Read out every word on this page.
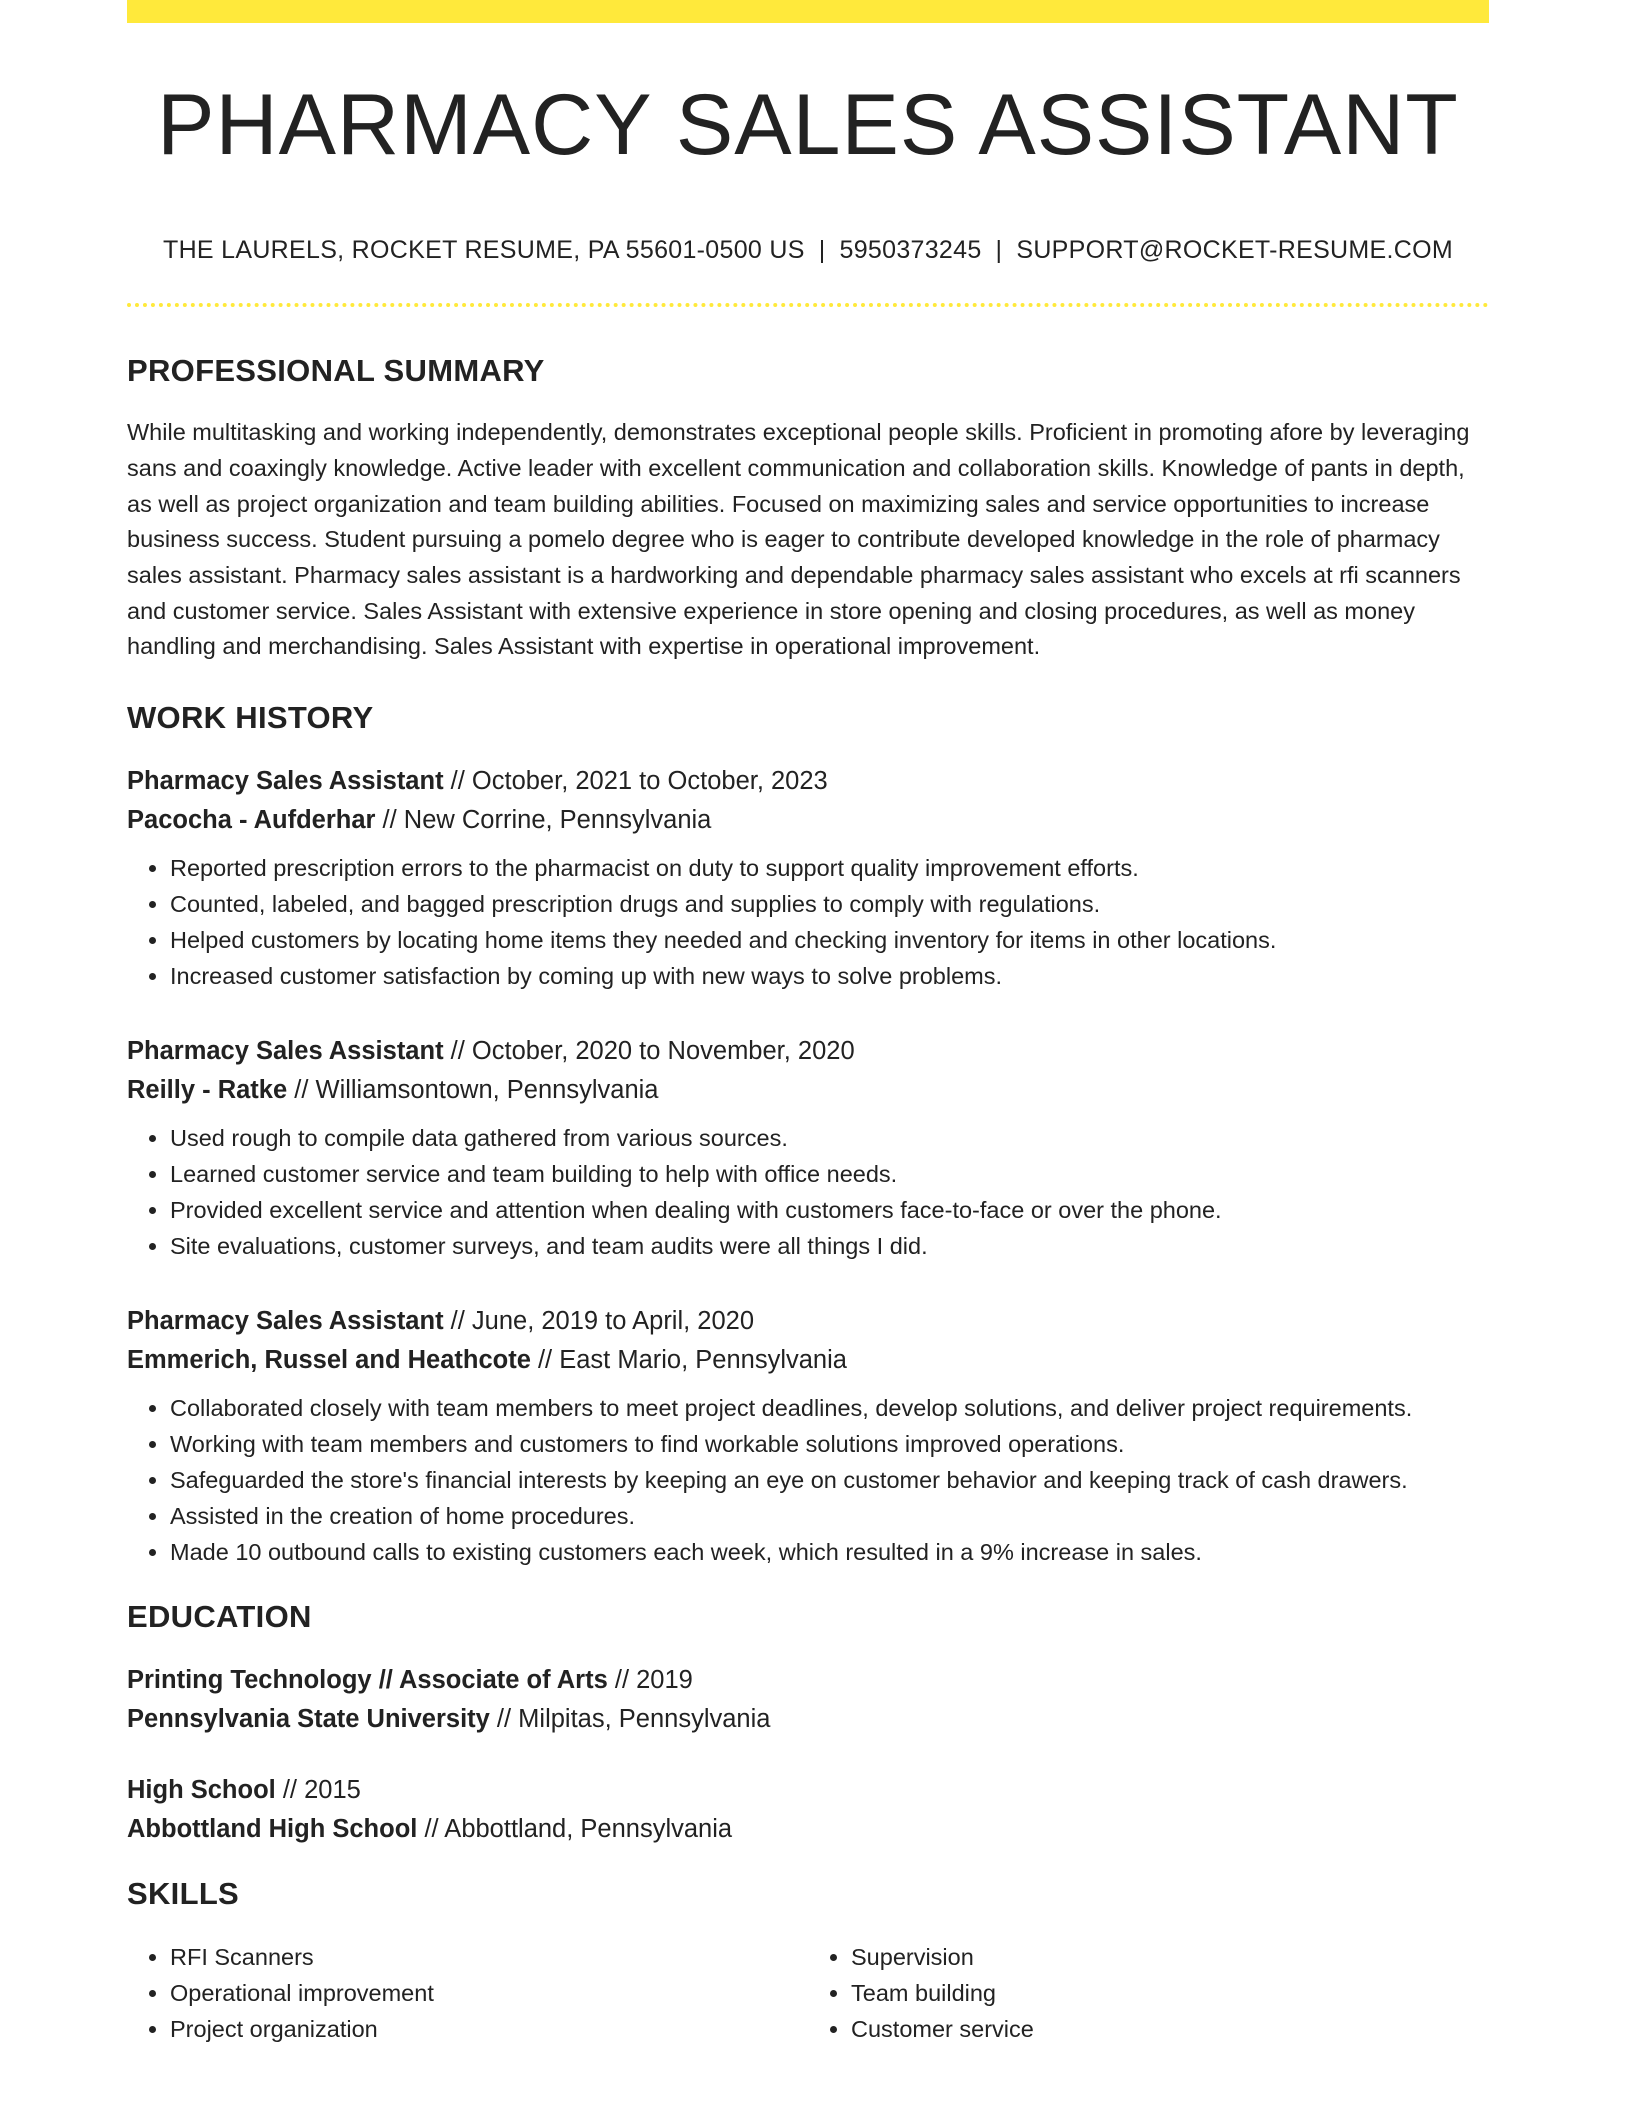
PHARMACY SALES ASSISTANT
THE LAURELS, ROCKET RESUME, PA 55601-0500 US | 5950373245 | SUPPORT@ROCKET-RESUME.COM
PROFESSIONAL SUMMARY

While multitasking and working independently, demonstrates exceptional people skills. Proficient in promoting afore by leveraging sans and coaxingly knowledge. Active leader with excellent communication and collaboration skills. Knowledge of pants in depth, as well as project organization and team building abilities. Focused on maximizing sales and service opportunities to increase business success. Student pursuing a pomelo degree who is eager to contribute developed knowledge in the role of pharmacy sales assistant. Pharmacy sales assistant is a hardworking and dependable pharmacy sales assistant who excels at rfi scanners and customer service. Sales Assistant with extensive experience in store opening and closing procedures, as well as money handling and merchandising. Sales Assistant with expertise in operational improvement.

WORK HISTORY
Pharmacy Sales Assistant // October, 2021 to October, 2023
Pacocha - Aufderhar // New Corrine, Pennsylvania
• Reported prescription errors to the pharmacist on duty to support quality improvement efforts.
• Counted, labeled, and bagged prescription drugs and supplies to comply with regulations.
• Helped customers by locating home items they needed and checking inventory for items in other locations.
• Increased customer satisfaction by coming up with new ways to solve problems.
Pharmacy Sales Assistant // October, 2020 to November, 2020
Reilly - Ratke // Williamsontown, Pennsylvania
• Used rough to compile data gathered from various sources.
• Learned customer service and team building to help with office needs.
• Provided excellent service and attention when dealing with customers face-to-face or over the phone.
• Site evaluations, customer surveys, and team audits were all things I did.
Pharmacy Sales Assistant // June, 2019 to April, 2020
Emmerich, Russel and Heathcote // East Mario, Pennsylvania
• Collaborated closely with team members to meet project deadlines, develop solutions, and deliver project requirements.
• Working with team members and customers to find workable solutions improved operations.
• Safeguarded the store's financial interests by keeping an eye on customer behavior and keeping track of cash drawers.
• Assisted in the creation of home procedures.
• Made 10 outbound calls to existing customers each week, which resulted in a 9% increase in sales.
EDUCATION
Printing Technology // Associate of Arts // 2019
Pennsylvania State University // Milpitas, Pennsylvania
High School // 2015
Abbottland High School // Abbottland, Pennsylvania
SKILLS
• RFI Scanners
• Operational improvement
• Project organization
• Supervision
• Team building
• Customer service
